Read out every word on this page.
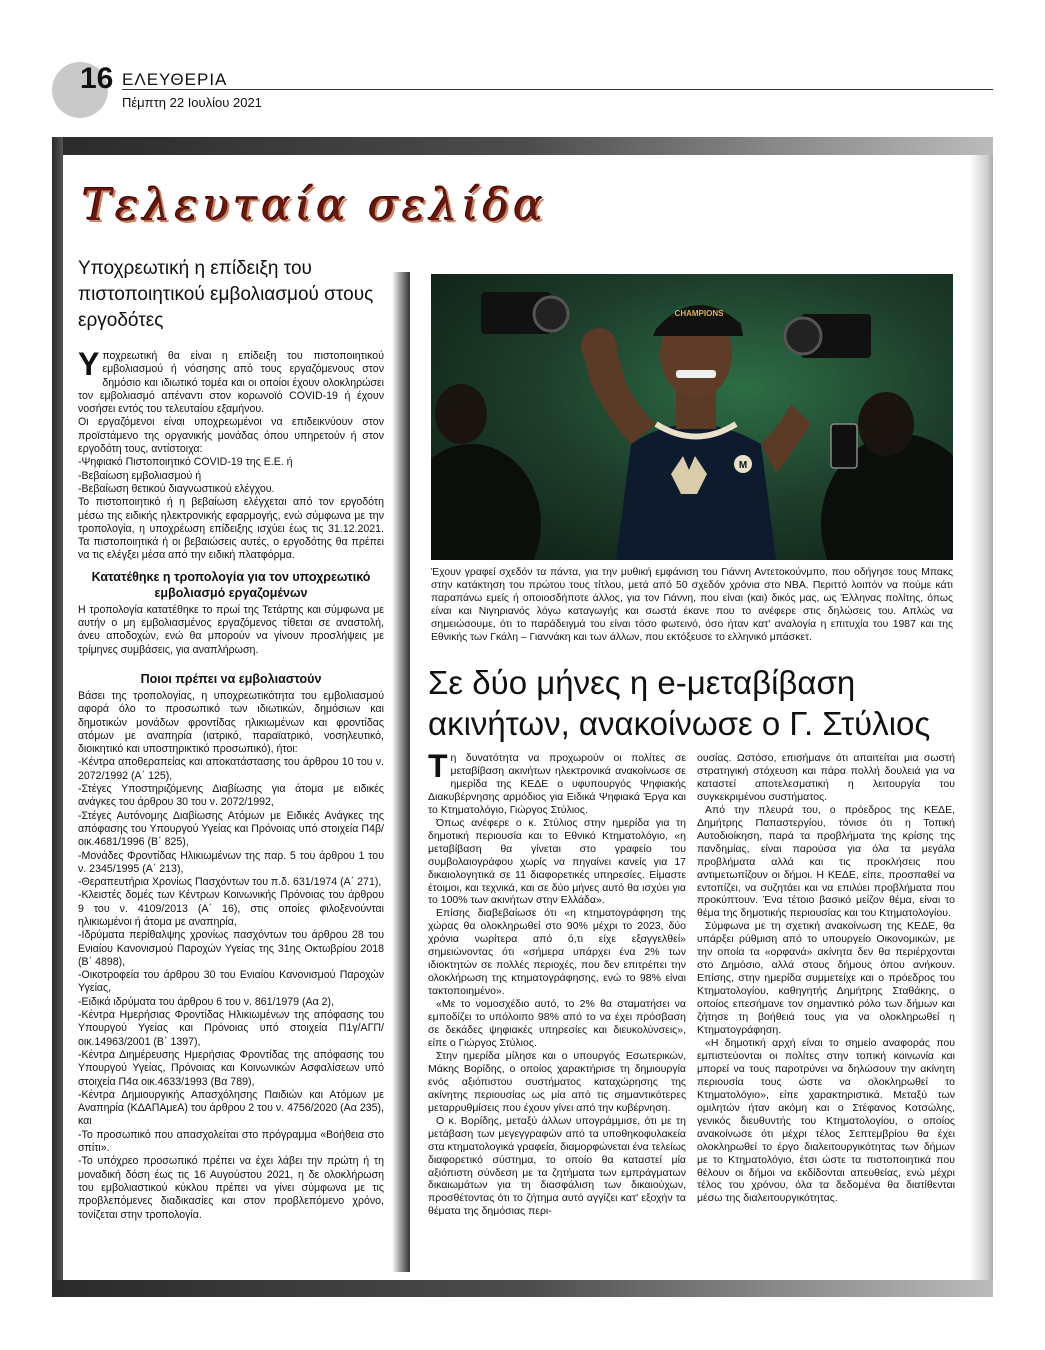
16 ΕΛΕΥΘΕΡΙΑ
Πέμπτη 22 Ιουλίου 2021
Τελευταία σελίδα
Υποχρεωτική η επίδειξη του πιστοποιητικού εμβολιασμού στους εργοδότες

Υποχρεωτική θα είναι η επίδειξη του πιστοποιητικού εμβολιασμού ή νόσησης από τους εργαζόμενους στον δημόσιο και ιδιωτικό τομέα και οι οποίοι έχουν ολοκληρώσει τον εμβολιασμό απέναντι στον κορωνοϊό COVID-19 ή έχουν νοσήσει εντός του τελευταίου εξαμήνου.

Οι εργαζόμενοι είναι υποχρεωμένοι να επιδεικνύουν στον προϊστάμενο της οργανικής μονάδας όπου υπηρετούν ή στον εργοδότη τους, αντίστοιχα:

-Ψηφιακό Πιστοποιητικό COVID-19 της Ε.Ε. ή

-Βεβαίωση εμβολιασμού ή

-Βεβαίωση θετικού διαγνωστικού ελέγχου.

Το πιστοποιητικό ή η βεβαίωση ελέγχεται από τον εργοδότη μέσω της ειδικής ηλεκτρονικής εφαρμογής, ενώ σύμφωνα με την τροπολογία, η υποχρέωση επίδειξης ισχύει έως τις 31.12.2021. Τα πιστοποιητικά ή οι βεβαιώσεις αυτές, ο εργοδότης θα πρέπει να τις ελέγξει μέσα από την ειδική πλατφόρμα.

Κατατέθηκε η τροπολογία για τον υποχρεωτικό εμβολιασμό εργαζομένων

Η τροπολογία κατατέθηκε το πρωί της Τετάρτης και σύμφωνα με αυτήν ο μη εμβολιασμένος εργαζόμενος τίθεται σε αναστολή, άνευ αποδοχών, ενώ θα μπορούν να γίνουν προσλήψεις με τρίμηνες συμβάσεις, για αναπλήρωση.

Ποιοι πρέπει να εμβολιαστούν

Βάσει της τροπολογίας, η υποχρεωτικότητα του εμβολιασμού αφορά όλο το προσωπικό των ιδιωτικών, δημόσιων και δημοτικών μονάδων φροντίδας ηλικιωμένων και φροντίδας ατόμων με αναπηρία (ιατρικό, παραϊατρικό, νοσηλευτικό, διοικητικό και υποστηρικτικό προσωπικό), ήτοι:

-Κέντρα αποθεραπείας και αποκατάστασης του άρθρου 10 του ν. 2072/1992 (Α΄ 125),

-Στέγες Υποστηριζόμενης Διαβίωσης για άτομα με ειδικές ανάγκες του άρθρου 30 του ν. 2072/1992,

-Στέγες Αυτόνομης Διαβίωσης Ατόμων με Ειδικές Ανάγκες της απόφασης του Υπουργού Υγείας και Πρόνοιας υπό στοιχεία Π4β/οικ.4681/1996 (Β΄ 825),

-Μονάδες Φροντίδας Ηλικιωμένων της παρ. 5 του άρθρου 1 του ν. 2345/1995 (Α΄ 213),

-Θεραπευτήρια Χρονίως Πασχόντων του π.δ. 631/1974 (Α΄ 271),

-Κλειστές δομές των Κέντρων Κοινωνικής Πρόνοιας του άρθρου 9 του ν. 4109/2013 (Α΄ 16), στις οποίες φιλοξενούνται ηλικιωμένοι ή άτομα με αναπηρία,

-Ιδρύματα περίθαλψης χρονίως πασχόντων του άρθρου 28 του Ενιαίου Κανονισμού Παροχών Υγείας της 31ης Οκτωβρίου 2018 (Β΄ 4898),

-Οικοτροφεία του άρθρου 30 του Ενιαίου Κανονισμού Παροχών Υγείας,

-Ειδικά ιδρύματα του άρθρου 6 του ν. 861/1979 (Αα 2),

-Κέντρα Ημερήσιας Φροντίδας Ηλικιωμένων της απόφασης του Υπουργού Υγείας και Πρόνοιας υπό στοιχεία Π1γ/ΑΓΠ/οικ.14963/2001 (Β΄ 1397),

-Κέντρα Διημέρευσης Ημερήσιας Φροντίδας της απόφασης του Υπουργού Υγείας, Πρόνοιας και Κοινωνικών Ασφαλίσεων υπό στοιχεία Π4α οικ.4633/1993 (Βα 789),

-Κέντρα Δημιουργικής Απασχόλησης Παιδιών και Ατόμων με Αναπηρία (ΚΔΑΠΑμεΑ) του άρθρου 2 του ν. 4756/2020 (Αα 235), και

-Το προσωπικό που απασχολείται στο πρόγραμμα «Βοήθεια στο σπίτι».

-Το υπόχρεο προσωπικό πρέπει να έχει λάβει την πρώτη ή τη μοναδική δόση έως τις 16 Αυγούστου 2021, η δε ολοκλήρωση του εμβολιαστικού κύκλου πρέπει να γίνει σύμφωνα με τις προβλεπόμενες διαδικασίες και στον προβλεπόμενο χρόνο, τονίζεται στην τροπολογία.

M
CHAMPIONS
Έχουν γραφεί σχεδόν τα πάντα, για την μυθική εμφάνιση του Γιάννη Αντετοκούνμπο, που οδήγησε τους Μπακς στην κατάκτηση του πρώτου τους τίτλου, μετά από 50 σχεδόν χρόνια στο NBA. Περιττό λοιπόν να πούμε κάτι παραπάνω εμείς ή οποιοσδήποτε άλλος, για τον Γιάννη, που είναι (και) δικός μας, ως Έλληνας πολίτης, όπως είναι και Νιγηριανός λόγω καταγωγής και σωστά έκανε που το ανέφερε στις δηλώσεις του. Απλώς να σημειώσουμε, ότι το παράδειγμά του είναι τόσο φωτεινό, όσο ήταν κατ' αναλογία η επιτυχία του 1987 και της Εθνικής των Γκάλη – Γιαννάκη και των άλλων, που εκτόξευσε το ελληνικό μπάσκετ.
Σε δύο μήνες η e-μεταβίβαση ακινήτων, ανακοίνωσε ο Γ. Στύλιος

Τη δυνατότητα να προχωρούν οι πολίτες σε μεταβίβαση ακινήτων ηλεκτρονικά ανακοίνωσε σε ημερίδα της ΚΕΔΕ ο υφυπουργός Ψηφιακής Διακυβέρνησης αρμόδιος για Ειδικά Ψηφιακά Έργα και το Κτηματολόγιο, Γιώργος Στύλιος.

Όπως ανέφερε ο κ. Στύλιος στην ημερίδα για τη δημοτική περιουσία και το Εθνικό Κτηματολόγιο, «η μεταβίβαση θα γίνεται στο γραφείο του συμβολαιογράφου χωρίς να πηγαίνει κανείς για 17 δικαιολογητικά σε 11 διαφορετικές υπηρεσίες. Είμαστε έτοιμοι, και τεχνικά, και σε δύο μήνες αυτό θα ισχύει για το 100% των ακινήτων στην Ελλάδα».

Επίσης διαβεβαίωσε ότι «η κτηματογράφηση της χώρας θα ολοκληρωθεί στο 90% μέχρι το 2023, δύο χρόνια νωρίτερα από ό,τι είχε εξαγγελθεί» σημειώνοντας ότι «σήμερα υπάρχει ένα 2% των ιδιοκτητών σε πολλές περιοχές, που δεν επιτρέπει την ολοκλήρωση της κτηματογράφησης, ενώ το 98% είναι τακτοποιημένο».

«Με το νομοσχέδιο αυτό, το 2% θα σταματήσει να εμποδίζει το υπόλοιπο 98% από το να έχει πρόσβαση σε δεκάδες ψηφιακές υπηρεσίες και διευκολύνσεις», είπε ο Γιώργος Στύλιος.

Στην ημερίδα μίλησε και ο υπουργός Εσωτερικών, Μάκης Βορίδης, ο οποίος χαρακτήρισε τη δημιουργία ενός αξιόπιστου συστήματος καταχώρησης της ακίνητης περιουσίας ως μία από τις σημαντικότερες μεταρρυθμίσεις που έχουν γίνει από την κυβέρνηση.

Ο κ. Βορίδης, μεταξύ άλλων υπογράμμισε, ότι με τη μετάβαση των μεγεγγραφών από τα υποθηκοφυλακεία στα κτηματολογικά γραφεία, διαμορφώνεται ένα τελείως διαφορετικό σύστημα, το οποίο θα καταστεί μία αξιόπιστη σύνδεση με τα ζητήματα των εμπράγματων δικαιωμάτων για τη διασφάλιση των δικαιούχων, προσθέτοντας ότι το ζήτημα αυτό αγγίζει κατ' εξοχήν τα θέματα της δημόσιας περι-

ουσίας. Ωστόσο, επισήμανε ότι απαιτείται μια σωστή στρατηγική στόχευση και πάρα πολλή δουλειά για να καταστεί αποτελεσματική η λειτουργία του συγκεκριμένου συστήματος.

Από την πλευρά του, ο πρόεδρος της ΚΕΔΕ, Δημήτρης Παπαστεργίου, τόνισε ότι η Τοπική Αυτοδιοίκηση, παρά τα προβλήματα της κρίσης της πανδημίας, είναι παρούσα για όλα τα μεγάλα προβλήματα αλλά και τις προκλήσεις που αντιμετωπίζουν οι δήμοι. Η ΚΕΔΕ, είπε, προσπαθεί να εντοπίζει, να συζητάει και να επιλύει προβλήματα που προκύπτουν. Ένα τέτοιο βασικό μείζον θέμα, είναι το θέμα της δημοτικής περιουσίας και του Κτηματολογίου.

Σύμφωνα με τη σχετική ανακοίνωση της ΚΕΔΕ, θα υπάρξει ρύθμιση από το υπουργείο Οικονομικών, με την οποία τα «ορφανά» ακίνητα δεν θα περιέρχονται στο Δημόσιο, αλλά στους δήμους όπου ανήκουν. Επίσης, στην ημερίδα συμμετείχε και ο πρόεδρος του Κτηματολογίου, καθηγητής Δημήτρης Σταθάκης, ο οποίος επεσήμανε τον σημαντικό ρόλο των δήμων και ζήτησε τη βοήθειά τους για να ολοκληρωθεί η Κτηματογράφηση.

«Η δημοτική αρχή είναι το σημείο αναφοράς που εμπιστεύονται οι πολίτες στην τοπική κοινωνία και μπορεί να τους παροτρύνει να δηλώσουν την ακίνητη περιουσία τους ώστε να ολοκληρωθεί το Κτηματολόγιο», είπε χαρακτηριστικά. Μεταξύ των ομιλητών ήταν ακόμη και ο Στέφανος Κοτσώλης, γενικός διευθυντής του Κτηματολογίου, ο οποίος ανακοίνωσε ότι μέχρι τέλος Σεπτεμβρίου θα έχει ολοκληρωθεί το έργο διαλειτουργικότητας των δήμων με το Κτηματολόγιο, έτσι ώστε τα πιστοποιητικά που θέλουν οι δήμοι να εκδίδονται απευθείας, ενώ μέχρι τέλος του χρόνου, όλα τα δεδομένα θα διατίθενται μέσω της διαλειτουργικότητας.
